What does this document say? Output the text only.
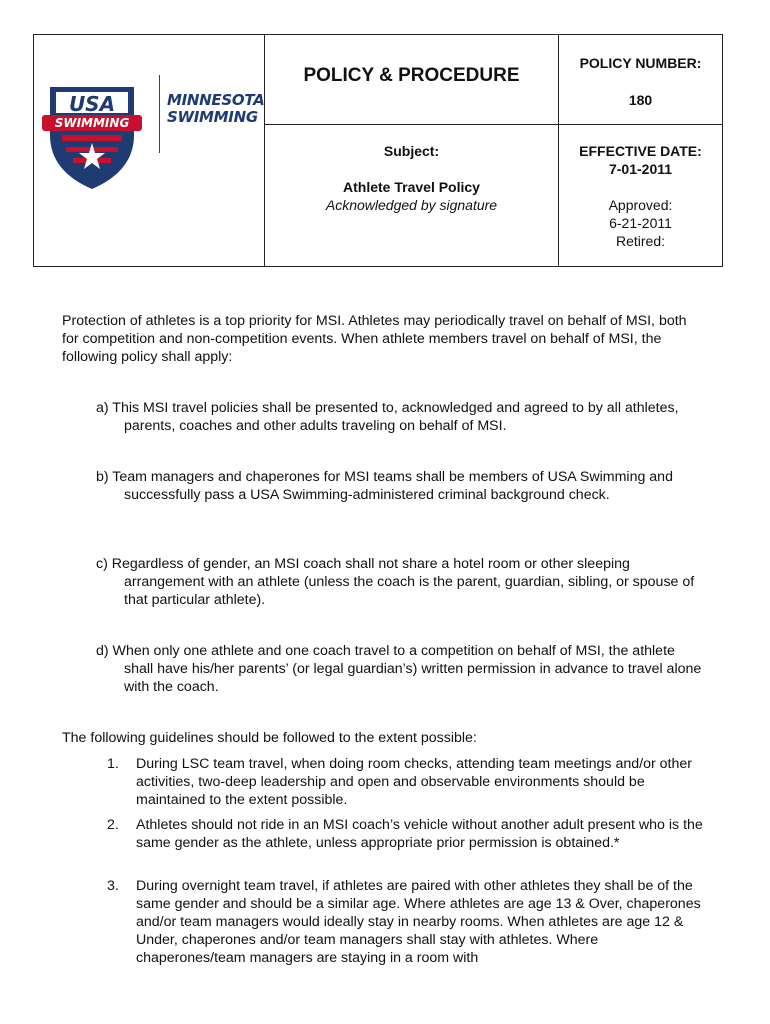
USA
SWIMMING
MINNESOTA
SWIMMING
POLICY & PROCEDURE
Subject:
Athlete Travel Policy
Acknowledged by signature
POLICY NUMBER:
180
EFFECTIVE DATE:
7-01-2011
Approved:
6-21-2011
Retired:
Protection of athletes is a top priority for MSI. Athletes may periodically travel on behalf of MSI, both for competition and non-competition events. When athlete members travel on behalf of MSI, the following policy shall apply:
a) This MSI travel policies shall be presented to, acknowledged and agreed to by all athletes, parents, coaches and other adults traveling on behalf of MSI.
b) Team managers and chaperones for MSI teams shall be members of USA Swimming and successfully pass a USA Swimming-administered criminal background check.
c) Regardless of gender, an MSI coach shall not share a hotel room or other sleeping arrangement with an athlete (unless the coach is the parent, guardian, sibling, or spouse of that particular athlete).
d) When only one athlete and one coach travel to a competition on behalf of MSI, the athlete shall have his/her parents’ (or legal guardian’s) written permission in advance to travel alone with the coach.
The following guidelines should be followed to the extent possible:
1. During LSC team travel, when doing room checks, attending team meetings and/or other activities, two-deep leadership and open and observable environments should be maintained to the extent possible.
2. Athletes should not ride in an MSI coach’s vehicle without another adult present who is the same gender as the athlete, unless appropriate prior permission is obtained.*
3. During overnight team travel, if athletes are paired with other athletes they shall be of the same gender and should be a similar age. Where athletes are age 13 & Over, chaperones and/or team managers would ideally stay in nearby rooms. When athletes are age 12 & Under, chaperones and/or team managers shall stay with athletes. Where chaperones/team managers are staying in a room with
